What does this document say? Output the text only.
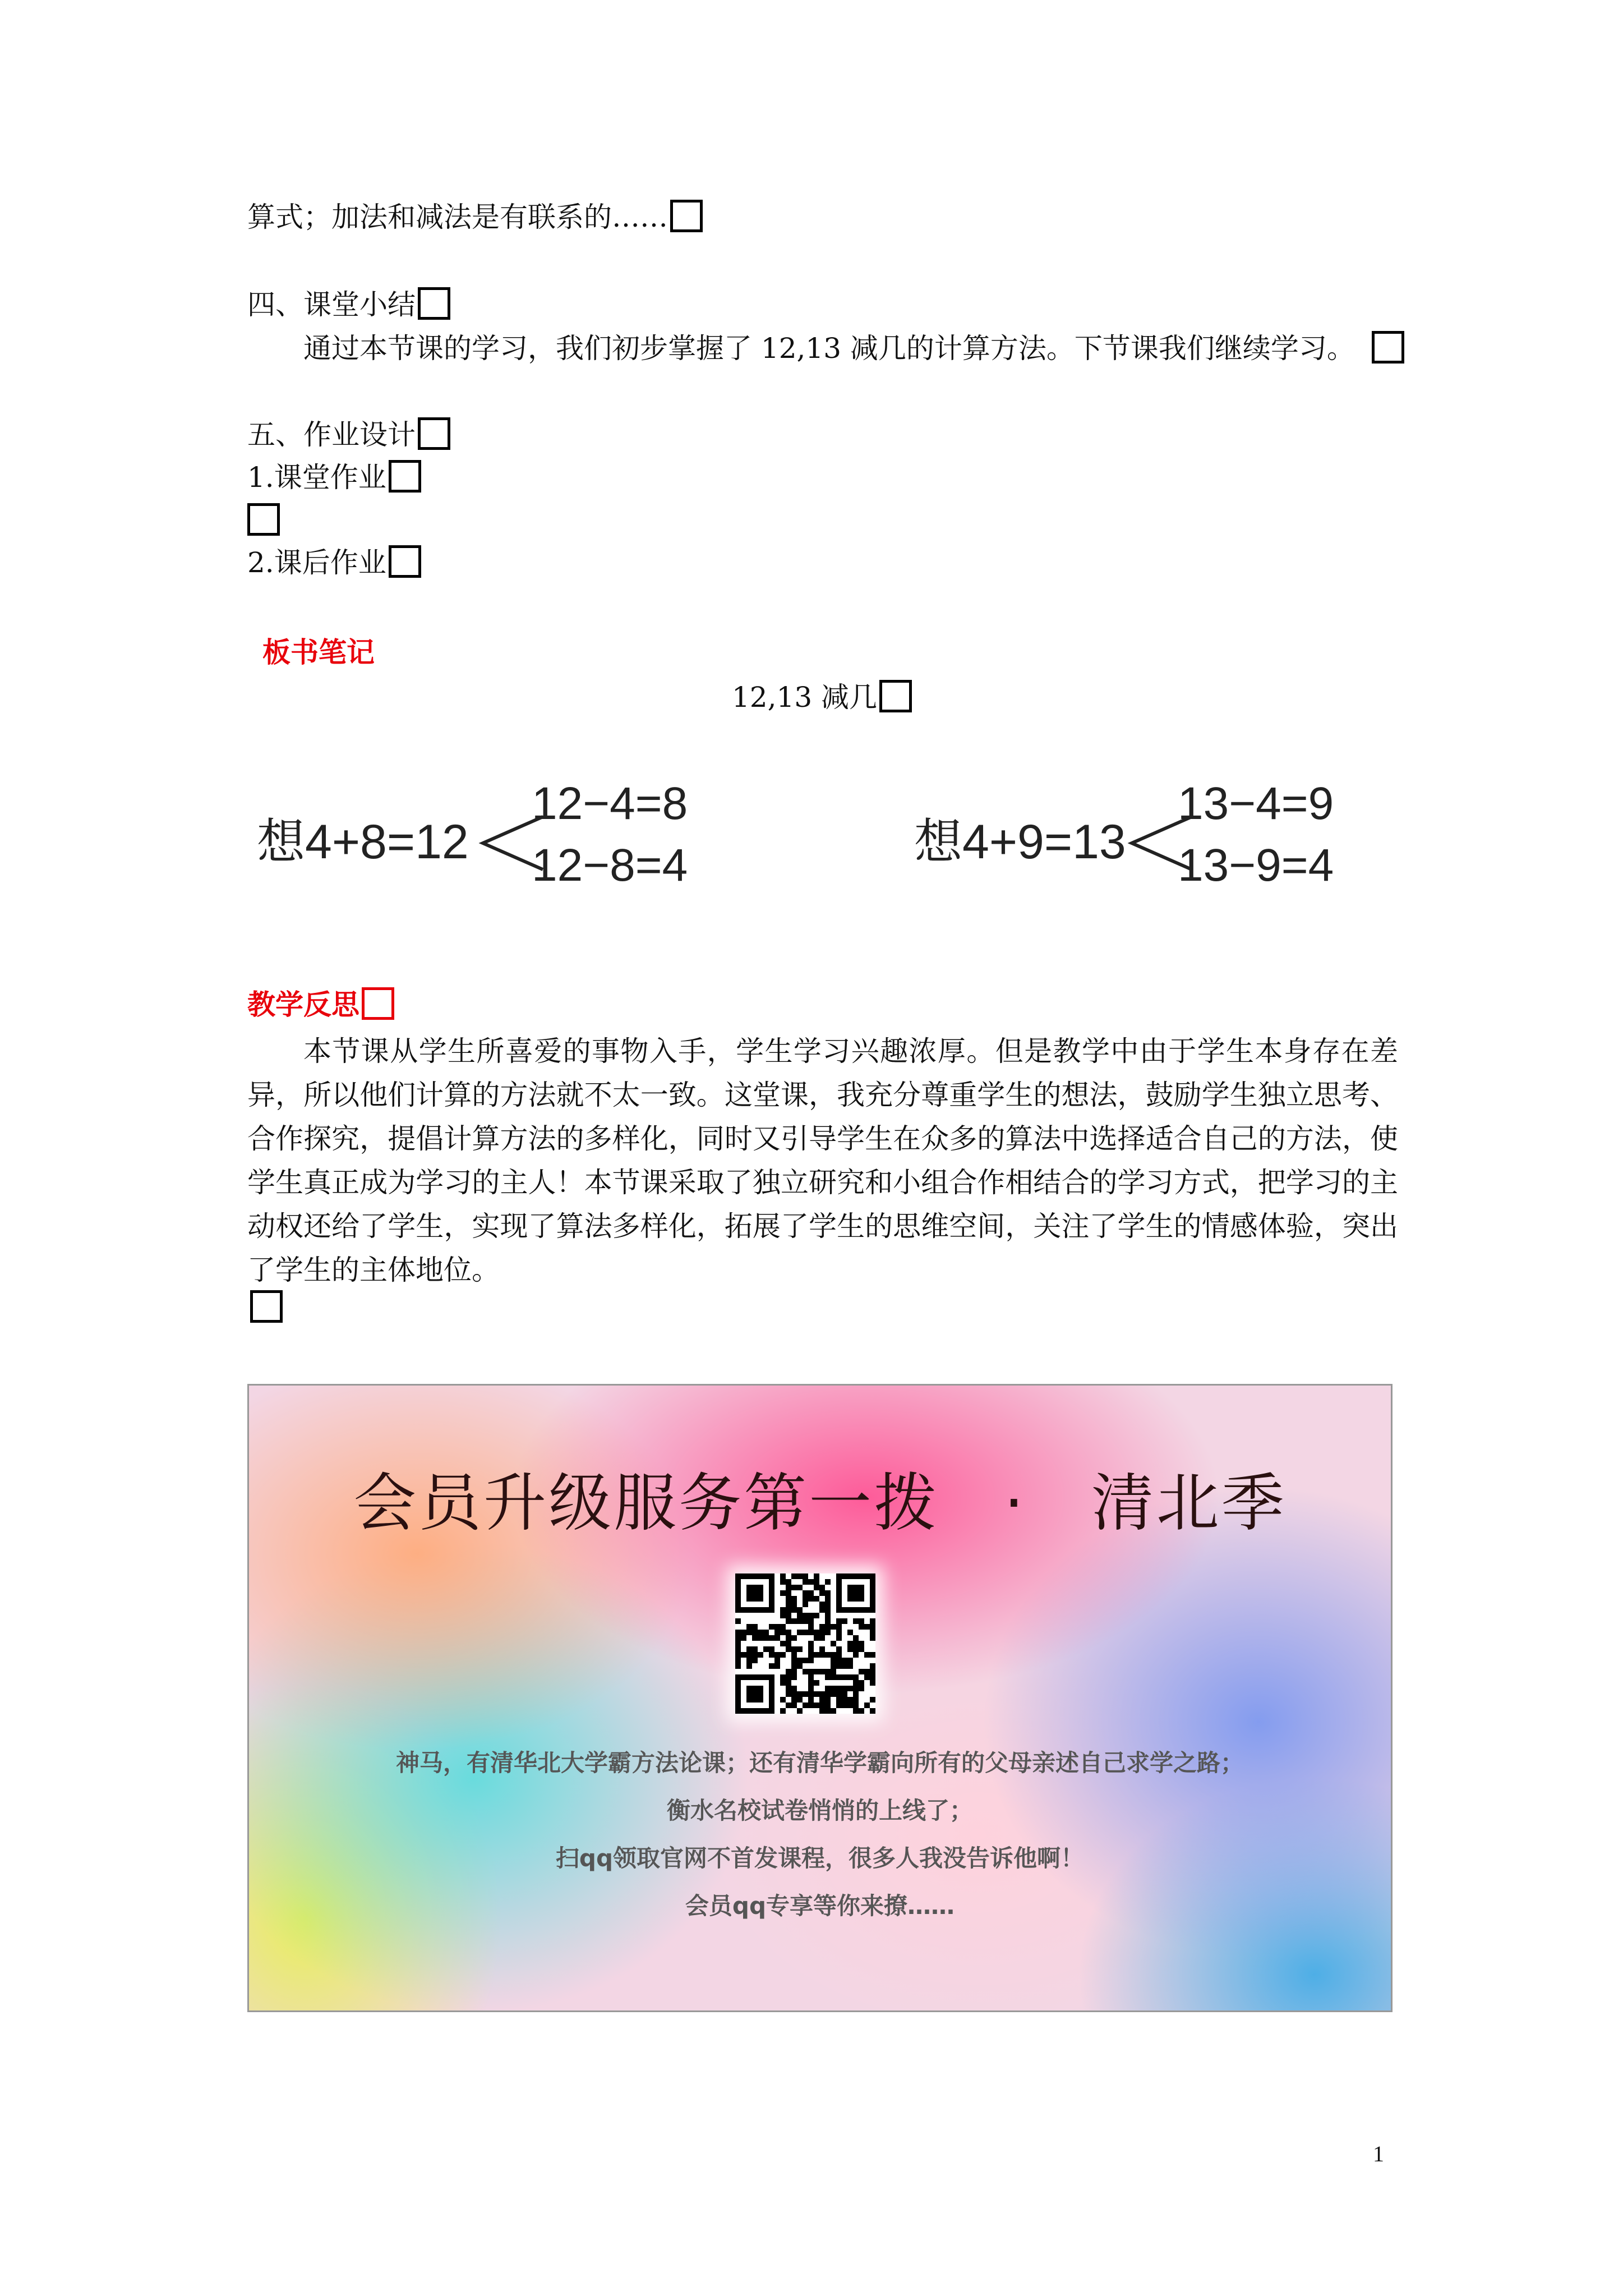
算式；加法和减法是有联系的……
四、课堂小结
通过本节课的学习，我们初步掌握了 12,13 减几的计算方法。下节课我们继续学习。
五、作业设计
1.课堂作业
2.课后作业
板书笔记
12,13 减几
想4+8=12
12−4=8
12−8=4	想4+9=13
13−4=9
13−9=4
教学反思
本节课从学生所喜爱的事物入手，学生学习兴趣浓厚。但是教学中由于学生本身存在差异，所以他们计算的方法就不太一致。这堂课，我充分尊重学生的想法，鼓励学生独立思考、合作探究，提倡计算方法的多样化，同时又引导学生在众多的算法中选择适合自己的方法，使学生真正成为学习的主人！本节课采取了独立研究和小组合作相结合的学习方式，把学习的主动权还给了学生，实现了算法多样化，拓展了学生的思维空间，关注了学生的情感体验，突出了学生的主体地位。
会员升级服务第一拨　·　清北季
神马，有清华北大学霸方法论课；还有清华学霸向所有的父母亲述自己求学之路；
衡水名校试卷悄悄的上线了；
扫qq领取官网不首发课程，很多人我没告诉他啊！
会员qq专享等你来撩……
1
